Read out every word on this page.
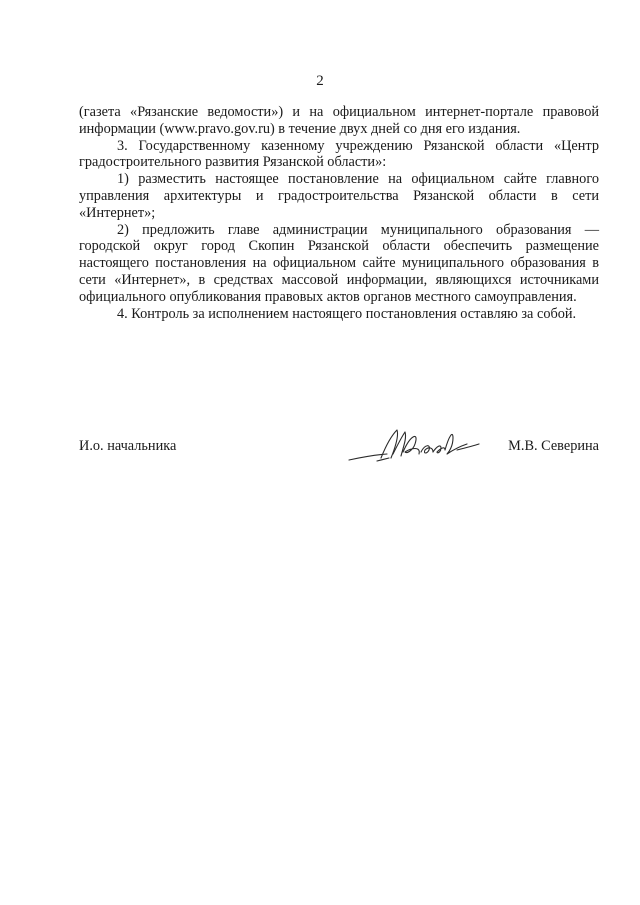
2

(газета «Рязанские ведомости») и на официальном интернет-портале правовой информации (www.pravo.gov.ru) в течение двух дней со дня его издания.

3. Государственному казенному учреждению Рязанской области «Центр градостроительного развития Рязанской области»:

1) разместить настоящее постановление на официальном сайте главного управления архитектуры и градостроительства Рязанской области в сети «Интернет»;

2) предложить главе администрации муниципального образования — городской округ город Скопин Рязанской области обеспечить размещение настоящего постановления на официальном сайте муниципального образования в сети «Интернет», в средствах массовой информации, являющихся источниками официального опубликования правовых актов органов местного самоуправления.

4. Контроль за исполнением настоящего постановления оставляю за собой.

И.о. начальника	М.В. Северина
